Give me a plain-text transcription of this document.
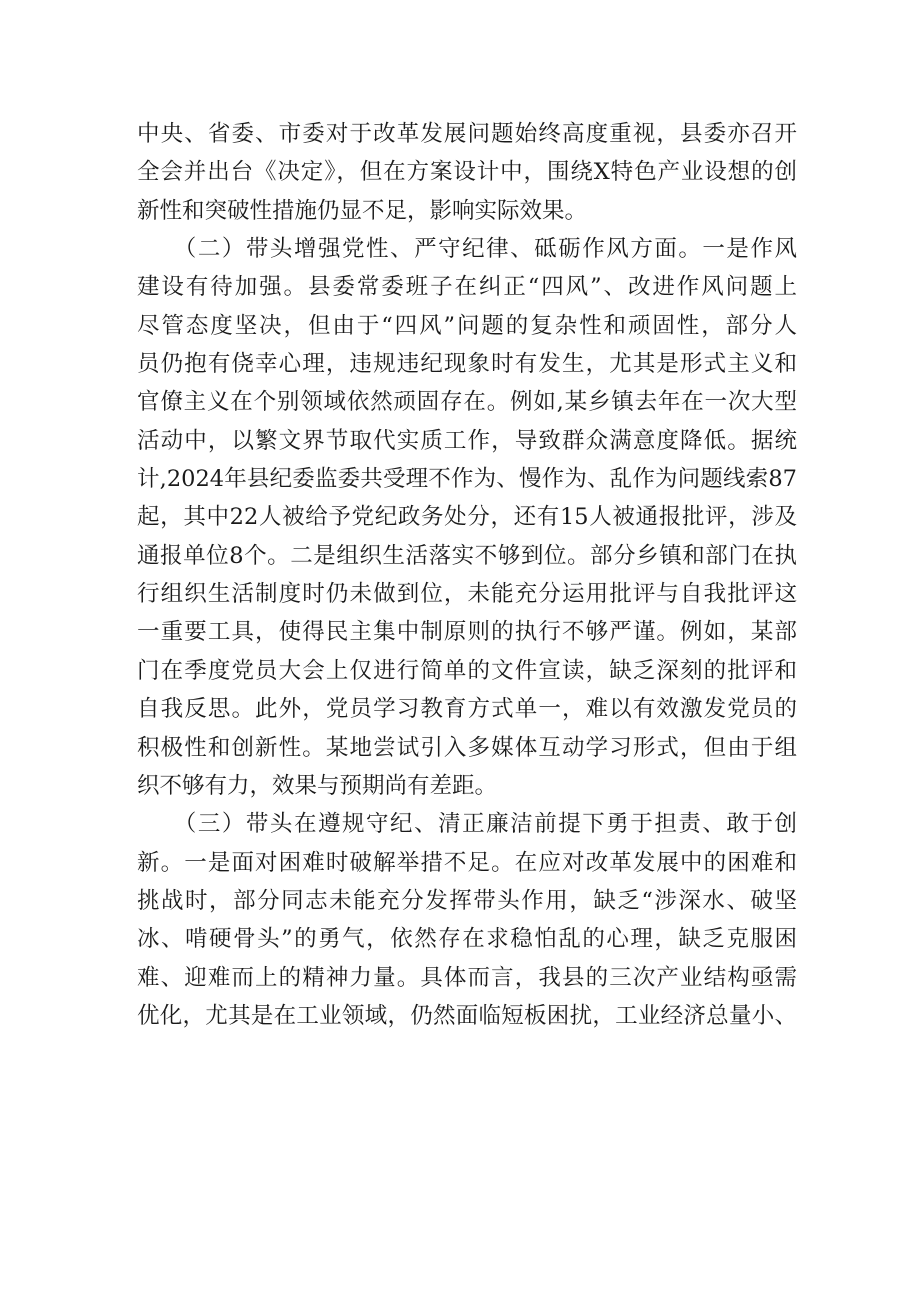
中央、省委、市委对于改革发展问题始终高度重视，县委亦召开
全会并出台《决定》，但在方案设计中，围绕X特色产业设想的创
新性和突破性措施仍显不足，影响实际效果。
　　（二）带头增强党性、严守纪律、砥砺作风方面。一是作风
建设有待加强。县委常委班子在纠正“四风”、改进作风问题上
尽管态度坚决，但由于“四风”问题的复杂性和顽固性，部分人
员仍抱有侥幸心理，违规违纪现象时有发生，尤其是形式主义和
官僚主义在个别领域依然顽固存在。例如,某乡镇去年在一次大型
活动中，以繁文界节取代实质工作，导致群众满意度降低。据统
计,2024年县纪委监委共受理不作为、慢作为、乱作为问题线索87
起，其中22人被给予党纪政务处分，还有15人被通报批评，涉及
通报单位8个。二是组织生活落实不够到位。部分乡镇和部门在执
行组织生活制度时仍未做到位，未能充分运用批评与自我批评这
一重要工具，使得民主集中制原则的执行不够严谨。例如，某部
门在季度党员大会上仅进行简单的文件宣读，缺乏深刻的批评和
自我反思。此外，党员学习教育方式单一，难以有效激发党员的
积极性和创新性。某地尝试引入多媒体互动学习形式，但由于组
织不够有力，效果与预期尚有差距。
　　（三）带头在遵规守纪、清正廉洁前提下勇于担责、敢于创
新。一是面对困难时破解举措不足。在应对改革发展中的困难和
挑战时，部分同志未能充分发挥带头作用，缺乏“涉深水、破坚
冰、啃硬骨头”的勇气，依然存在求稳怕乱的心理，缺乏克服困
难、迎难而上的精神力量。具体而言，我县的三次产业结构亟需
优化，尤其是在工业领域，仍然面临短板困扰，工业经济总量小、
